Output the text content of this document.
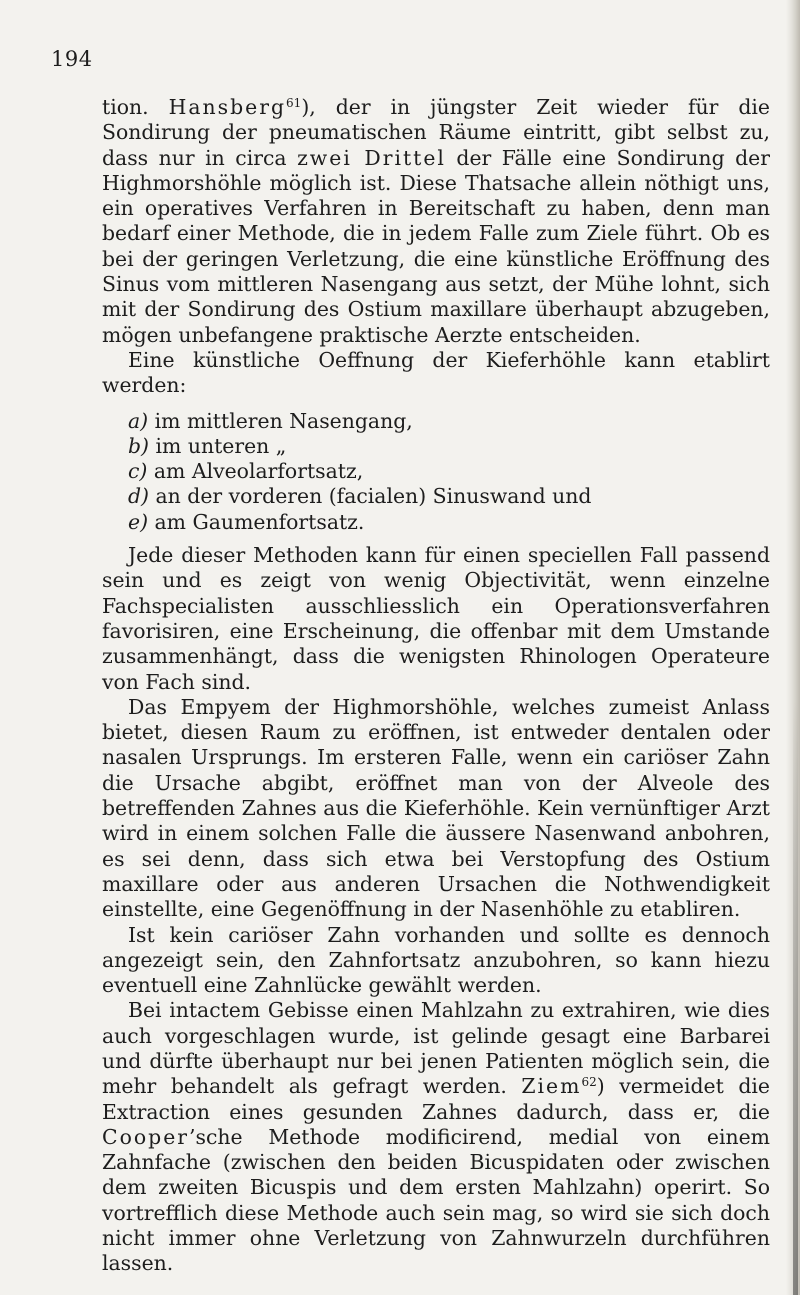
194

tion. Hansberg$^{61}$), der in jüngster Zeit wieder für die Sondirung der pneumatischen Räume eintritt, gibt selbst zu, dass nur in circa zwei Drittel der Fälle eine Sondirung der Highmorshöhle möglich ist. Diese Thatsache allein nöthigt uns, ein operatives Verfahren in Bereitschaft zu haben, denn man bedarf einer Methode, die in jedem Falle zum Ziele führt. Ob es bei der geringen Verletzung, die eine künstliche Eröffnung des Sinus vom mittleren Nasengang aus setzt, der Mühe lohnt, sich mit der Sondirung des Ostium maxillare überhaupt abzugeben, mögen unbefangene praktische Aerzte entscheiden.

Eine künstliche Oeffnung der Kieferhöhle kann etablirt werden:

a) im mittleren Nasengang,
b) im unteren „
c) am Alveolarfortsatz,
d) an der vorderen (facialen) Sinuswand und
e) am Gaumenfortsatz.

Jede dieser Methoden kann für einen speciellen Fall passend sein und es zeigt von wenig Objectivität, wenn einzelne Fachspecialisten ausschliesslich ein Operationsverfahren favorisiren, eine Erscheinung, die offenbar mit dem Umstande zusammenhängt, dass die wenigsten Rhinologen Operateure von Fach sind.

Das Empyem der Highmorshöhle, welches zumeist Anlass bietet, diesen Raum zu eröffnen, ist entweder dentalen oder nasalen Ursprungs. Im ersteren Falle, wenn ein cariöser Zahn die Ursache abgibt, eröffnet man von der Alveole des betreffenden Zahnes aus die Kieferhöhle. Kein vernünftiger Arzt wird in einem solchen Falle die äussere Nasenwand anbohren, es sei denn, dass sich etwa bei Verstopfung des Ostium maxillare oder aus anderen Ursachen die Nothwendigkeit einstellte, eine Gegenöffnung in der Nasenhöhle zu etabliren.

Ist kein cariöser Zahn vorhanden und sollte es dennoch angezeigt sein, den Zahnfortsatz anzubohren, so kann hiezu eventuell eine Zahnlücke gewählt werden.

Bei intactem Gebisse einen Mahlzahn zu extrahiren, wie dies auch vorgeschlagen wurde, ist gelinde gesagt eine Barbarei und dürfte überhaupt nur bei jenen Patienten möglich sein, die mehr behandelt als gefragt werden. Ziem$^{62}$) vermeidet die Extraction eines gesunden Zahnes dadurch, dass er, die Cooper’sche Methode modificirend, medial von einem Zahnfache (zwischen den beiden Bicuspidaten oder zwischen dem zweiten Bicuspis und dem ersten Mahlzahn) operirt. So vortrefflich diese Methode auch sein mag, so wird sie sich doch nicht immer ohne Verletzung von Zahnwurzeln durchführen lassen.
